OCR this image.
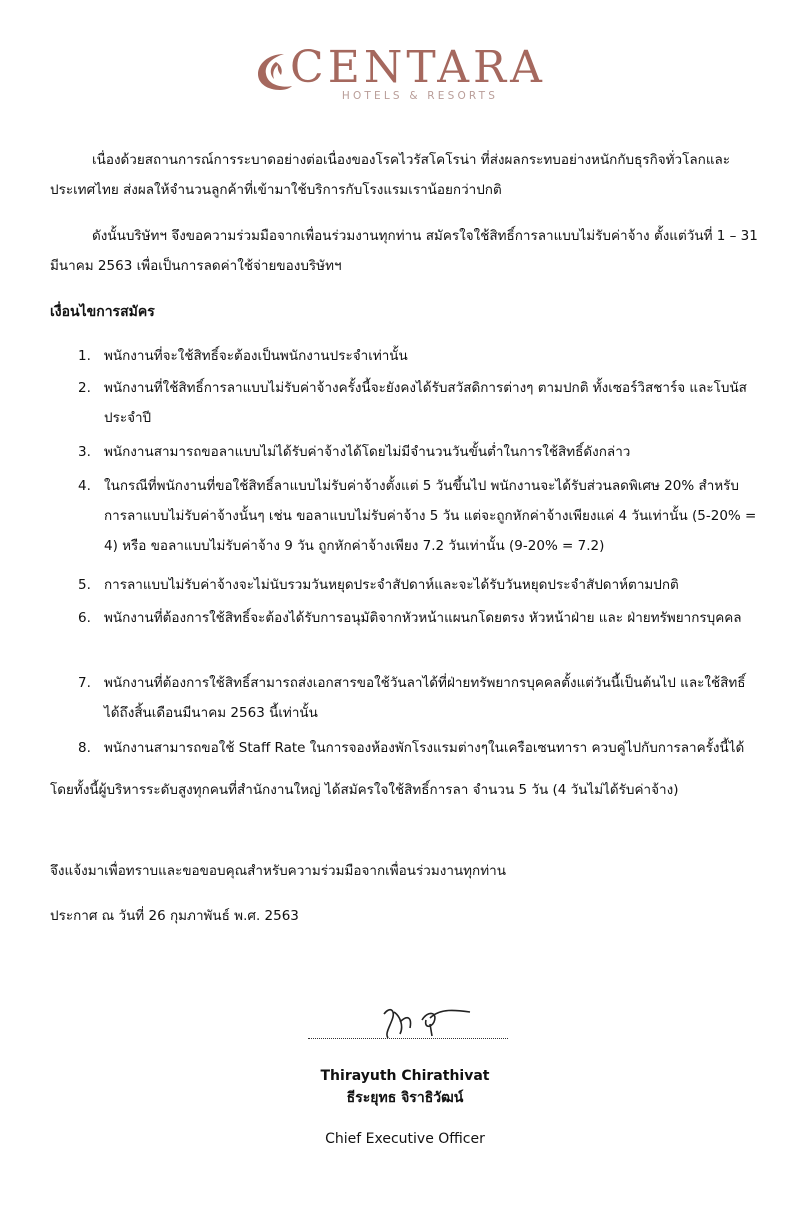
CENTARA
HOTELS & RESORTS
เนื่องด้วยสถานการณ์การระบาดอย่างต่อเนื่องของโรคไวรัสโคโรน่า ที่ส่งผลกระทบอย่างหนักกับธุรกิจทั่วโลกและประเทศไทย ส่งผลให้จำนวนลูกค้าที่เข้ามาใช้บริการกับโรงแรมเราน้อยกว่าปกติ
ดังนั้นบริษัทฯ จึงขอความร่วมมือจากเพื่อนร่วมงานทุกท่าน สมัครใจใช้สิทธิ์การลาแบบไม่รับค่าจ้าง ตั้งแต่วันที่ 1 – 31 มีนาคม 2563 เพื่อเป็นการลดค่าใช้จ่ายของบริษัทฯ
เงื่อนไขการสมัคร
1. พนักงานที่จะใช้สิทธิ์จะต้องเป็นพนักงานประจำเท่านั้น
2. พนักงานที่ใช้สิทธิ์การลาแบบไม่รับค่าจ้างครั้งนี้จะยังคงได้รับสวัสดิการต่างๆ ตามปกติ ทั้งเซอร์วิสชาร์จ และโบนัสประจำปี
3. พนักงานสามารถขอลาแบบไม่ได้รับค่าจ้างได้โดยไม่มีจำนวนวันขั้นต่ำในการใช้สิทธิ์ดังกล่าว
4. ในกรณีที่พนักงานที่ขอใช้สิทธิ์ลาแบบไม่รับค่าจ้างตั้งแต่ 5 วันขึ้นไป พนักงานจะได้รับส่วนลดพิเศษ 20% สำหรับการลาแบบไม่รับค่าจ้างนั้นๆ เช่น ขอลาแบบไม่รับค่าจ้าง 5 วัน แต่จะถูกหักค่าจ้างเพียงแค่ 4 วันเท่านั้น (5-20% = 4) หรือ ขอลาแบบไม่รับค่าจ้าง 9 วัน ถูกหักค่าจ้างเพียง 7.2 วันเท่านั้น (9-20% = 7.2)
5. การลาแบบไม่รับค่าจ้างจะไม่นับรวมวันหยุดประจำสัปดาห์และจะได้รับวันหยุดประจำสัปดาห์ตามปกติ
6. พนักงานที่ต้องการใช้สิทธิ์จะต้องได้รับการอนุมัติจากหัวหน้าแผนกโดยตรง หัวหน้าฝ่าย และ ฝ่ายทรัพยากรบุคคล
7. พนักงานที่ต้องการใช้สิทธิ์สามารถส่งเอกสารขอใช้วันลาได้ที่ฝ่ายทรัพยากรบุคคลตั้งแต่วันนี้เป็นต้นไป และใช้สิทธิ์ได้ถึงสิ้นเดือนมีนาคม 2563 นี้เท่านั้น
8. พนักงานสามารถขอใช้ Staff Rate ในการจองห้องพักโรงแรมต่างๆในเครือเซนทารา ควบคู่ไปกับการลาครั้งนี้ได้
โดยทั้งนี้ผู้บริหารระดับสูงทุกคนที่สำนักงานใหญ่ ได้สมัครใจใช้สิทธิ์การลา จำนวน 5 วัน (4 วันไม่ได้รับค่าจ้าง)
จึงแจ้งมาเพื่อทราบและขอขอบคุณสำหรับความร่วมมือจากเพื่อนร่วมงานทุกท่าน
ประกาศ ณ วันที่ 26 กุมภาพันธ์ พ.ศ. 2563
Thirayuth Chirathivat
ธีระยุทธ จิราธิวัฒน์
Chief Executive Officer
